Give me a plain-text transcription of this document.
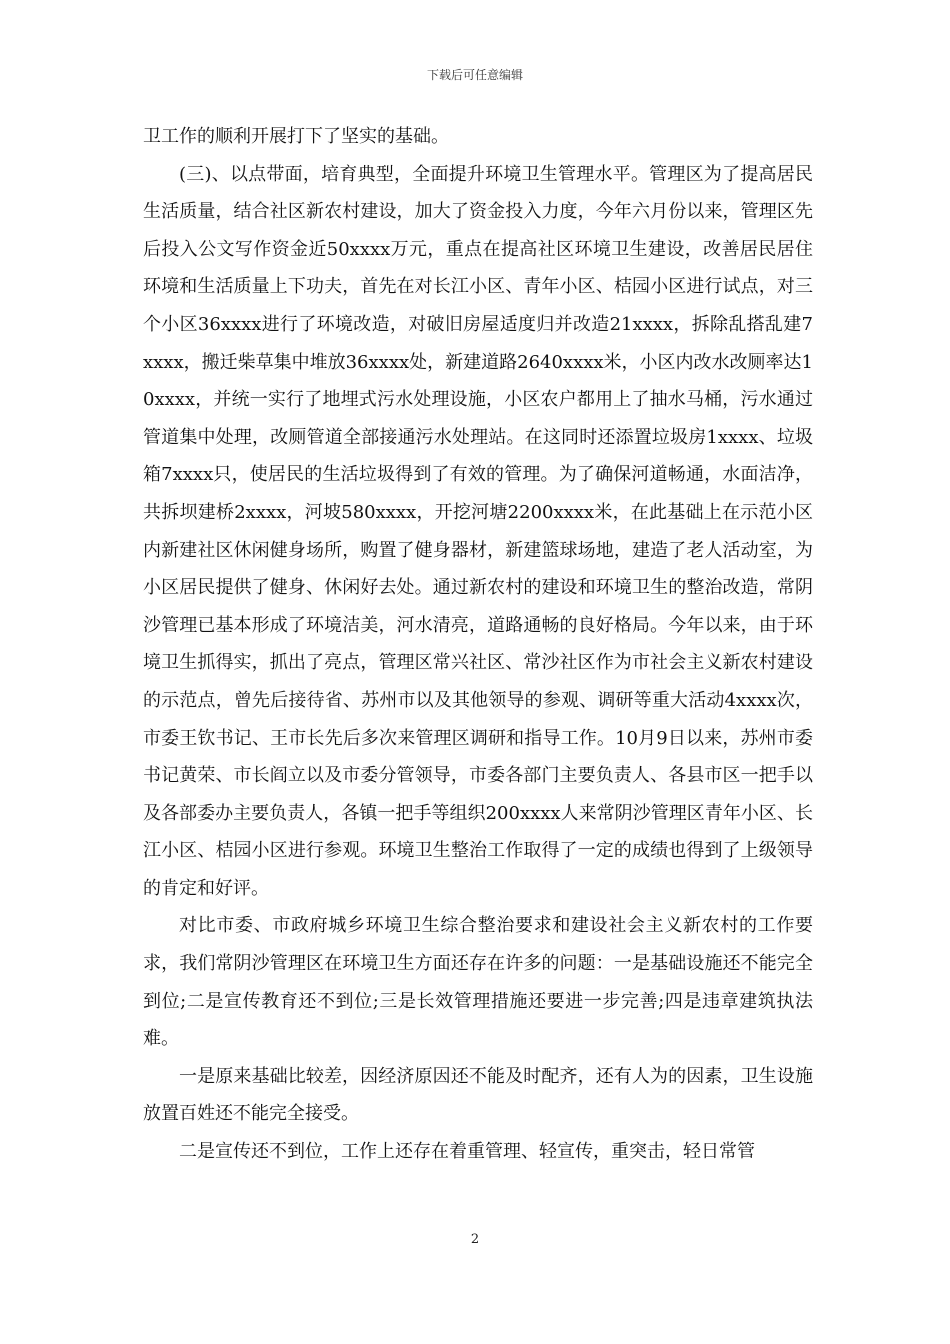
下载后可任意编辑

卫工作的顺利开展打下了坚实的基础。

(三)、以点带面，培育典型，全面提升环境卫生管理水平。管理区为了提高居民生活质量，结合社区新农村建设，加大了资金投入力度，今年六月份以来，管理区先后投入公文写作资金近50xxxx万元，重点在提高社区环境卫生建设，改善居民居住环境和生活质量上下功夫，首先在对长江小区、青年小区、桔园小区进行试点，对三个小区36xxxx进行了环境改造，对破旧房屋适度归并改造21xxxx，拆除乱搭乱建7xxxx，搬迁柴草集中堆放36xxxx处，新建道路2640xxxx米，小区内改水改厕率达10xxxx，并统一实行了地埋式污水处理设施，小区农户都用上了抽水马桶，污水通过管道集中处理，改厕管道全部接通污水处理站。在这同时还添置垃圾房1xxxx、垃圾箱7xxxx只，使居民的生活垃圾得到了有效的管理。为了确保河道畅通，水面洁净，共拆坝建桥2xxxx，河坡580xxxx，开挖河塘2200xxxx米，在此基础上在示范小区内新建社区休闲健身场所，购置了健身器材，新建篮球场地，建造了老人活动室，为小区居民提供了健身、休闲好去处。通过新农村的建设和环境卫生的整治改造，常阴沙管理已基本形成了环境洁美，河水清亮，道路通畅的良好格局。今年以来，由于环境卫生抓得实，抓出了亮点，管理区常兴社区、常沙社区作为市社会主义新农村建设的示范点，曾先后接待省、苏州市以及其他领导的参观、调研等重大活动4xxxx次，市委王钦书记、王市长先后多次来管理区调研和指导工作。10月9日以来，苏州市委书记黄荣、市长阎立以及市委分管领导，市委各部门主要负责人、各县市区一把手以及各部委办主要负责人，各镇一把手等组织200xxxx人来常阴沙管理区青年小区、长江小区、桔园小区进行参观。环境卫生整治工作取得了一定的成绩也得到了上级领导的肯定和好评。

对比市委、市政府城乡环境卫生综合整治要求和建设社会主义新农村的工作要求，我们常阴沙管理区在环境卫生方面还存在许多的问题：一是基础设施还不能完全到位;二是宣传教育还不到位;三是长效管理措施还要进一步完善;四是违章建筑执法难。

一是原来基础比较差，因经济原因还不能及时配齐，还有人为的因素，卫生设施放置百姓还不能完全接受。

二是宣传还不到位，工作上还存在着重管理、轻宣传，重突击，轻日常管

2
